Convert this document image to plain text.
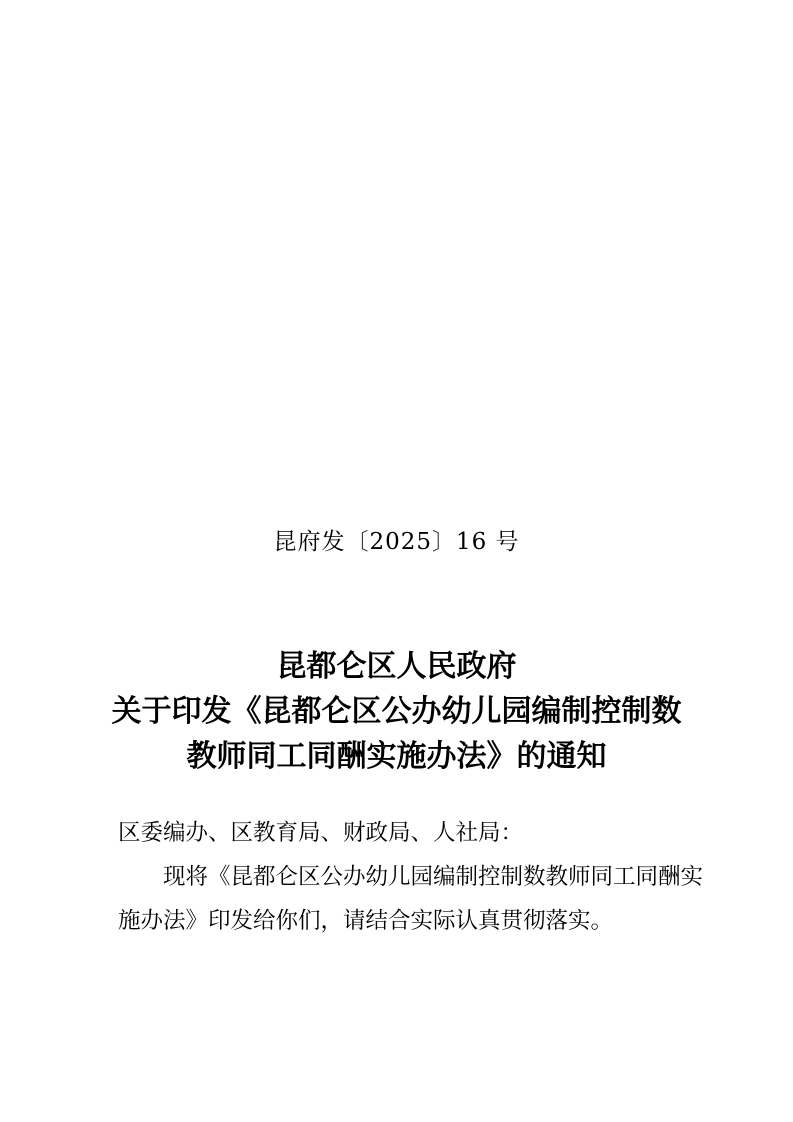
昆府发〔2025〕16 号
昆都仑区人民政府
关于印发《昆都仑区公办幼儿园编制控制数
教师同工同酬实施办法》的通知
区委编办、区教育局、财政局、人社局：
现将《昆都仑区公办幼儿园编制控制数教师同工同酬实
施办法》印发给你们，请结合实际认真贯彻落实。
